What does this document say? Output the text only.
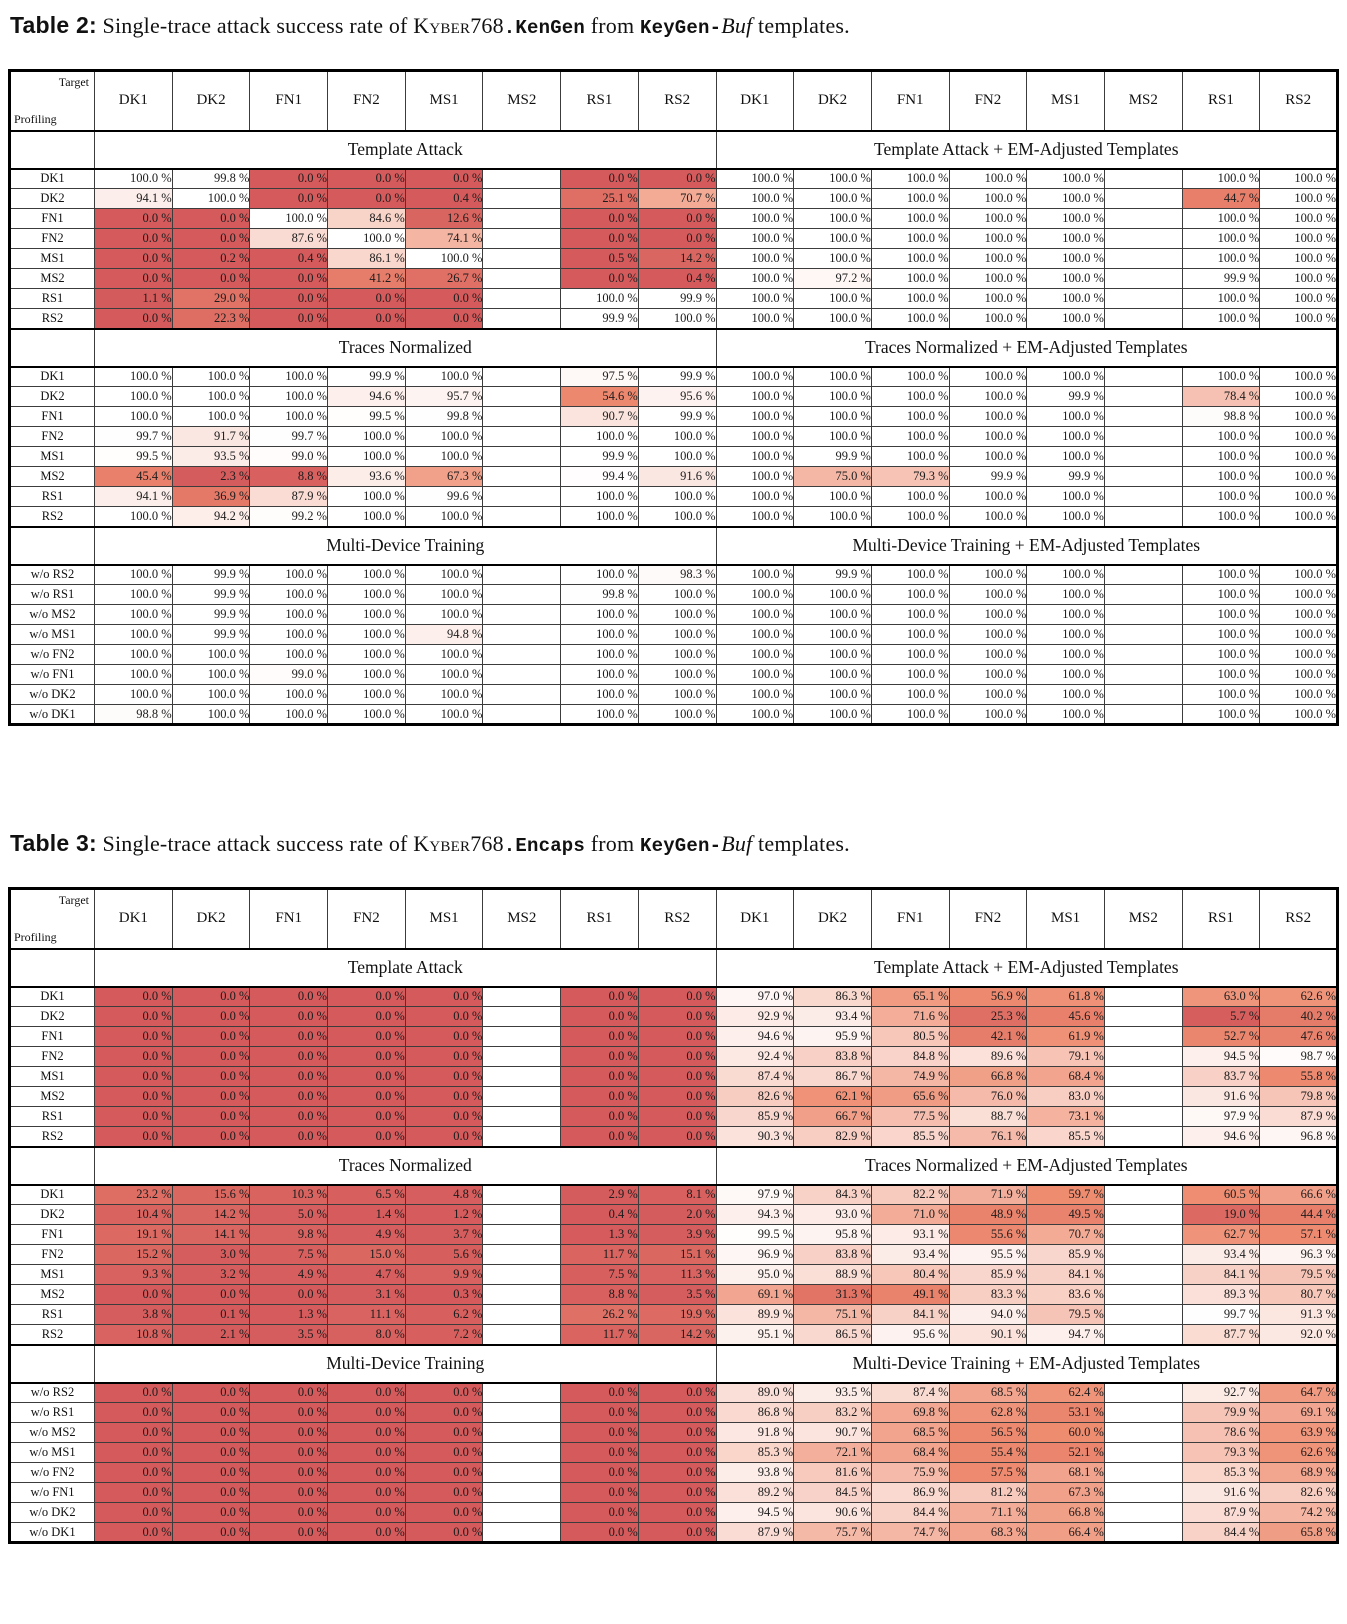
Table 2: Single-trace attack success rate of Kyber768.KenGen from KeyGen-Buf templates.
Target
Profiling	DK1	DK2	FN1	FN2	MS1	MS2	RS1	RS2	DK1	DK2	FN1	FN2	MS1	MS2	RS1	RS2
	Template Attack								Template Attack + EM-Adjusted Templates							
DK1	100.0 %	99.8 %	0.0 %	0.0 %	0.0 %		0.0 %	0.0 %	100.0 %	100.0 %	100.0 %	100.0 %	100.0 %		100.0 %	100.0 %
DK2	94.1 %	100.0 %	0.0 %	0.0 %	0.4 %		25.1 %	70.7 %	100.0 %	100.0 %	100.0 %	100.0 %	100.0 %		44.7 %	100.0 %
FN1	0.0 %	0.0 %	100.0 %	84.6 %	12.6 %		0.0 %	0.0 %	100.0 %	100.0 %	100.0 %	100.0 %	100.0 %		100.0 %	100.0 %
FN2	0.0 %	0.0 %	87.6 %	100.0 %	74.1 %		0.0 %	0.0 %	100.0 %	100.0 %	100.0 %	100.0 %	100.0 %		100.0 %	100.0 %
MS1	0.0 %	0.2 %	0.4 %	86.1 %	100.0 %		0.5 %	14.2 %	100.0 %	100.0 %	100.0 %	100.0 %	100.0 %		100.0 %	100.0 %
MS2	0.0 %	0.0 %	0.0 %	41.2 %	26.7 %		0.0 %	0.4 %	100.0 %	97.2 %	100.0 %	100.0 %	100.0 %		99.9 %	100.0 %
RS1	1.1 %	29.0 %	0.0 %	0.0 %	0.0 %		100.0 %	99.9 %	100.0 %	100.0 %	100.0 %	100.0 %	100.0 %		100.0 %	100.0 %
RS2	0.0 %	22.3 %	0.0 %	0.0 %	0.0 %		99.9 %	100.0 %	100.0 %	100.0 %	100.0 %	100.0 %	100.0 %		100.0 %	100.0 %
	Traces Normalized								Traces Normalized + EM-Adjusted Templates							
DK1	100.0 %	100.0 %	100.0 %	99.9 %	100.0 %		97.5 %	99.9 %	100.0 %	100.0 %	100.0 %	100.0 %	100.0 %		100.0 %	100.0 %
DK2	100.0 %	100.0 %	100.0 %	94.6 %	95.7 %		54.6 %	95.6 %	100.0 %	100.0 %	100.0 %	100.0 %	99.9 %		78.4 %	100.0 %
FN1	100.0 %	100.0 %	100.0 %	99.5 %	99.8 %		90.7 %	99.9 %	100.0 %	100.0 %	100.0 %	100.0 %	100.0 %		98.8 %	100.0 %
FN2	99.7 %	91.7 %	99.7 %	100.0 %	100.0 %		100.0 %	100.0 %	100.0 %	100.0 %	100.0 %	100.0 %	100.0 %		100.0 %	100.0 %
MS1	99.5 %	93.5 %	99.0 %	100.0 %	100.0 %		99.9 %	100.0 %	100.0 %	99.9 %	100.0 %	100.0 %	100.0 %		100.0 %	100.0 %
MS2	45.4 %	2.3 %	8.8 %	93.6 %	67.3 %		99.4 %	91.6 %	100.0 %	75.0 %	79.3 %	99.9 %	99.9 %		100.0 %	100.0 %
RS1	94.1 %	36.9 %	87.9 %	100.0 %	99.6 %		100.0 %	100.0 %	100.0 %	100.0 %	100.0 %	100.0 %	100.0 %		100.0 %	100.0 %
RS2	100.0 %	94.2 %	99.2 %	100.0 %	100.0 %		100.0 %	100.0 %	100.0 %	100.0 %	100.0 %	100.0 %	100.0 %		100.0 %	100.0 %
	Multi-Device Training								Multi-Device Training + EM-Adjusted Templates							
w/o RS2	100.0 %	99.9 %	100.0 %	100.0 %	100.0 %		100.0 %	98.3 %	100.0 %	99.9 %	100.0 %	100.0 %	100.0 %		100.0 %	100.0 %
w/o RS1	100.0 %	99.9 %	100.0 %	100.0 %	100.0 %		99.8 %	100.0 %	100.0 %	100.0 %	100.0 %	100.0 %	100.0 %		100.0 %	100.0 %
w/o MS2	100.0 %	99.9 %	100.0 %	100.0 %	100.0 %		100.0 %	100.0 %	100.0 %	100.0 %	100.0 %	100.0 %	100.0 %		100.0 %	100.0 %
w/o MS1	100.0 %	99.9 %	100.0 %	100.0 %	94.8 %		100.0 %	100.0 %	100.0 %	100.0 %	100.0 %	100.0 %	100.0 %		100.0 %	100.0 %
w/o FN2	100.0 %	100.0 %	100.0 %	100.0 %	100.0 %		100.0 %	100.0 %	100.0 %	100.0 %	100.0 %	100.0 %	100.0 %		100.0 %	100.0 %
w/o FN1	100.0 %	100.0 %	99.0 %	100.0 %	100.0 %		100.0 %	100.0 %	100.0 %	100.0 %	100.0 %	100.0 %	100.0 %		100.0 %	100.0 %
w/o DK2	100.0 %	100.0 %	100.0 %	100.0 %	100.0 %		100.0 %	100.0 %	100.0 %	100.0 %	100.0 %	100.0 %	100.0 %		100.0 %	100.0 %
w/o DK1	98.8 %	100.0 %	100.0 %	100.0 %	100.0 %		100.0 %	100.0 %	100.0 %	100.0 %	100.0 %	100.0 %	100.0 %		100.0 %	100.0 %
Table 3: Single-trace attack success rate of Kyber768.Encaps from KeyGen-Buf templates.
Target
Profiling	DK1	DK2	FN1	FN2	MS1	MS2	RS1	RS2	DK1	DK2	FN1	FN2	MS1	MS2	RS1	RS2
	Template Attack								Template Attack + EM-Adjusted Templates							
DK1	0.0 %	0.0 %	0.0 %	0.0 %	0.0 %		0.0 %	0.0 %	97.0 %	86.3 %	65.1 %	56.9 %	61.8 %		63.0 %	62.6 %
DK2	0.0 %	0.0 %	0.0 %	0.0 %	0.0 %		0.0 %	0.0 %	92.9 %	93.4 %	71.6 %	25.3 %	45.6 %		5.7 %	40.2 %
FN1	0.0 %	0.0 %	0.0 %	0.0 %	0.0 %		0.0 %	0.0 %	94.6 %	95.9 %	80.5 %	42.1 %	61.9 %		52.7 %	47.6 %
FN2	0.0 %	0.0 %	0.0 %	0.0 %	0.0 %		0.0 %	0.0 %	92.4 %	83.8 %	84.8 %	89.6 %	79.1 %		94.5 %	98.7 %
MS1	0.0 %	0.0 %	0.0 %	0.0 %	0.0 %		0.0 %	0.0 %	87.4 %	86.7 %	74.9 %	66.8 %	68.4 %		83.7 %	55.8 %
MS2	0.0 %	0.0 %	0.0 %	0.0 %	0.0 %		0.0 %	0.0 %	82.6 %	62.1 %	65.6 %	76.0 %	83.0 %		91.6 %	79.8 %
RS1	0.0 %	0.0 %	0.0 %	0.0 %	0.0 %		0.0 %	0.0 %	85.9 %	66.7 %	77.5 %	88.7 %	73.1 %		97.9 %	87.9 %
RS2	0.0 %	0.0 %	0.0 %	0.0 %	0.0 %		0.0 %	0.0 %	90.3 %	82.9 %	85.5 %	76.1 %	85.5 %		94.6 %	96.8 %
	Traces Normalized								Traces Normalized + EM-Adjusted Templates							
DK1	23.2 %	15.6 %	10.3 %	6.5 %	4.8 %		2.9 %	8.1 %	97.9 %	84.3 %	82.2 %	71.9 %	59.7 %		60.5 %	66.6 %
DK2	10.4 %	14.2 %	5.0 %	1.4 %	1.2 %		0.4 %	2.0 %	94.3 %	93.0 %	71.0 %	48.9 %	49.5 %		19.0 %	44.4 %
FN1	19.1 %	14.1 %	9.8 %	4.9 %	3.7 %		1.3 %	3.9 %	99.5 %	95.8 %	93.1 %	55.6 %	70.7 %		62.7 %	57.1 %
FN2	15.2 %	3.0 %	7.5 %	15.0 %	5.6 %		11.7 %	15.1 %	96.9 %	83.8 %	93.4 %	95.5 %	85.9 %		93.4 %	96.3 %
MS1	9.3 %	3.2 %	4.9 %	4.7 %	9.9 %		7.5 %	11.3 %	95.0 %	88.9 %	80.4 %	85.9 %	84.1 %		84.1 %	79.5 %
MS2	0.0 %	0.0 %	0.0 %	3.1 %	0.3 %		8.8 %	3.5 %	69.1 %	31.3 %	49.1 %	83.3 %	83.6 %		89.3 %	80.7 %
RS1	3.8 %	0.1 %	1.3 %	11.1 %	6.2 %		26.2 %	19.9 %	89.9 %	75.1 %	84.1 %	94.0 %	79.5 %		99.7 %	91.3 %
RS2	10.8 %	2.1 %	3.5 %	8.0 %	7.2 %		11.7 %	14.2 %	95.1 %	86.5 %	95.6 %	90.1 %	94.7 %		87.7 %	92.0 %
	Multi-Device Training								Multi-Device Training + EM-Adjusted Templates							
w/o RS2	0.0 %	0.0 %	0.0 %	0.0 %	0.0 %		0.0 %	0.0 %	89.0 %	93.5 %	87.4 %	68.5 %	62.4 %		92.7 %	64.7 %
w/o RS1	0.0 %	0.0 %	0.0 %	0.0 %	0.0 %		0.0 %	0.0 %	86.8 %	83.2 %	69.8 %	62.8 %	53.1 %		79.9 %	69.1 %
w/o MS2	0.0 %	0.0 %	0.0 %	0.0 %	0.0 %		0.0 %	0.0 %	91.8 %	90.7 %	68.5 %	56.5 %	60.0 %		78.6 %	63.9 %
w/o MS1	0.0 %	0.0 %	0.0 %	0.0 %	0.0 %		0.0 %	0.0 %	85.3 %	72.1 %	68.4 %	55.4 %	52.1 %		79.3 %	62.6 %
w/o FN2	0.0 %	0.0 %	0.0 %	0.0 %	0.0 %		0.0 %	0.0 %	93.8 %	81.6 %	75.9 %	57.5 %	68.1 %		85.3 %	68.9 %
w/o FN1	0.0 %	0.0 %	0.0 %	0.0 %	0.0 %		0.0 %	0.0 %	89.2 %	84.5 %	86.9 %	81.2 %	67.3 %		91.6 %	82.6 %
w/o DK2	0.0 %	0.0 %	0.0 %	0.0 %	0.0 %		0.0 %	0.0 %	94.5 %	90.6 %	84.4 %	71.1 %	66.8 %		87.9 %	74.2 %
w/o DK1	0.0 %	0.0 %	0.0 %	0.0 %	0.0 %		0.0 %	0.0 %	87.9 %	75.7 %	74.7 %	68.3 %	66.4 %		84.4 %	65.8 %
